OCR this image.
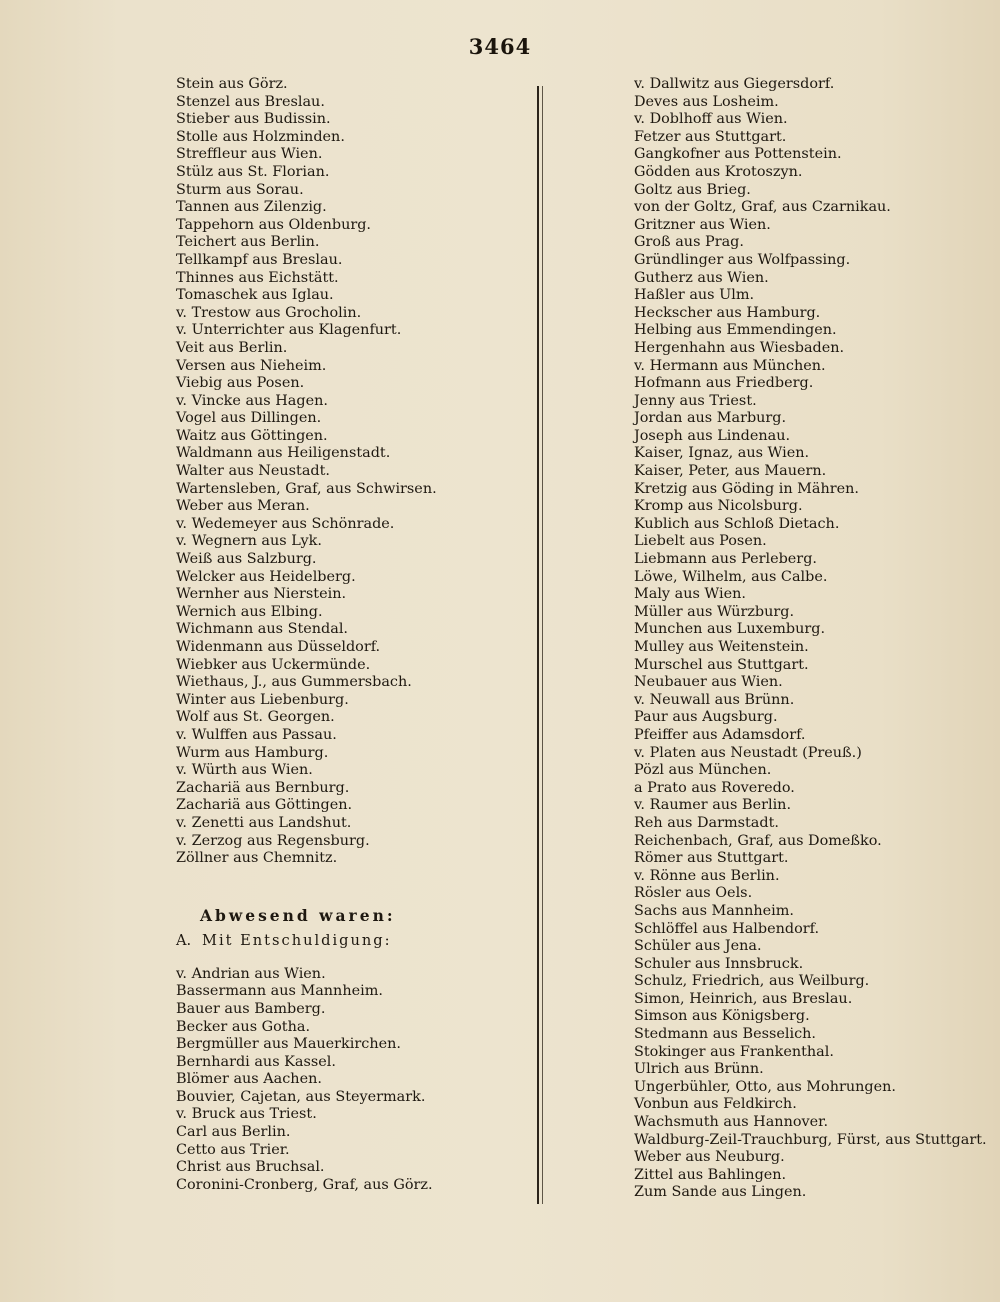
3464
Stein aus Görz.
Stenzel aus Breslau.
Stieber aus Budissin.
Stolle aus Holzminden.
Streffleur aus Wien.
Stülz aus St. Florian.
Sturm aus Sorau.
Tannen aus Zilenzig.
Tappehorn aus Oldenburg.
Teichert aus Berlin.
Tellkampf aus Breslau.
Thinnes aus Eichstätt.
Tomaschek aus Iglau.
v. Trestow aus Grocholin.
v. Unterrichter aus Klagenfurt.
Veit aus Berlin.
Versen aus Nieheim.
Viebig aus Posen.
v. Vincke aus Hagen.
Vogel aus Dillingen.
Waitz aus Göttingen.
Waldmann aus Heiligenstadt.
Walter aus Neustadt.
Wartensleben, Graf, aus Schwirsen.
Weber aus Meran.
v. Wedemeyer aus Schönrade.
v. Wegnern aus Lyk.
Weiß aus Salzburg.
Welcker aus Heidelberg.
Wernher aus Nierstein.
Wernich aus Elbing.
Wichmann aus Stendal.
Widenmann aus Düsseldorf.
Wiebker aus Uckermünde.
Wiethaus, J., aus Gummersbach.
Winter aus Liebenburg.
Wolf aus St. Georgen.
v. Wulffen aus Passau.
Wurm aus Hamburg.
v. Würth aus Wien.
Zachariä aus Bernburg.
Zachariä aus Göttingen.
v. Zenetti aus Landshut.
v. Zerzog aus Regensburg.
Zöllner aus Chemnitz.
Abwesend waren:
A. Mit Entschuldigung:
v. Andrian aus Wien.
Bassermann aus Mannheim.
Bauer aus Bamberg.
Becker aus Gotha.
Bergmüller aus Mauerkirchen.
Bernhardi aus Kassel.
Blömer aus Aachen.
Bouvier, Cajetan, aus Steyermark.
v. Bruck aus Triest.
Carl aus Berlin.
Cetto aus Trier.
Christ aus Bruchsal.
Coronini-Cronberg, Graf, aus Görz.
v. Dallwitz aus Giegersdorf.
Deves aus Losheim.
v. Doblhoff aus Wien.
Fetzer aus Stuttgart.
Gangkofner aus Pottenstein.
Gödden aus Krotoszyn.
Goltz aus Brieg.
von der Goltz, Graf, aus Czarnikau.
Gritzner aus Wien.
Groß aus Prag.
Gründlinger aus Wolfpassing.
Gutherz aus Wien.
Haßler aus Ulm.
Heckscher aus Hamburg.
Helbing aus Emmendingen.
Hergenhahn aus Wiesbaden.
v. Hermann aus München.
Hofmann aus Friedberg.
Jenny aus Triest.
Jordan aus Marburg.
Joseph aus Lindenau.
Kaiser, Ignaz, aus Wien.
Kaiser, Peter, aus Mauern.
Kretzig aus Göding in Mähren.
Kromp aus Nicolsburg.
Kublich aus Schloß Dietach.
Liebelt aus Posen.
Liebmann aus Perleberg.
Löwe, Wilhelm, aus Calbe.
Maly aus Wien.
Müller aus Würzburg.
Munchen aus Luxemburg.
Mulley aus Weitenstein.
Murschel aus Stuttgart.
Neubauer aus Wien.
v. Neuwall aus Brünn.
Paur aus Augsburg.
Pfeiffer aus Adamsdorf.
v. Platen aus Neustadt (Preuß.)
Pözl aus München.
a Prato aus Roveredo.
v. Raumer aus Berlin.
Reh aus Darmstadt.
Reichenbach, Graf, aus Domeßko.
Römer aus Stuttgart.
v. Rönne aus Berlin.
Rösler aus Oels.
Sachs aus Mannheim.
Schlöffel aus Halbendorf.
Schüler aus Jena.
Schuler aus Innsbruck.
Schulz, Friedrich, aus Weilburg.
Simon, Heinrich, aus Breslau.
Simson aus Königsberg.
Stedmann aus Besselich.
Stokinger aus Frankenthal.
Ulrich aus Brünn.
Ungerbühler, Otto, aus Mohrungen.
Vonbun aus Feldkirch.
Wachsmuth aus Hannover.
Waldburg-Zeil-Trauchburg, Fürst, aus Stuttgart.
Weber aus Neuburg.
Zittel aus Bahlingen.
Zum Sande aus Lingen.
